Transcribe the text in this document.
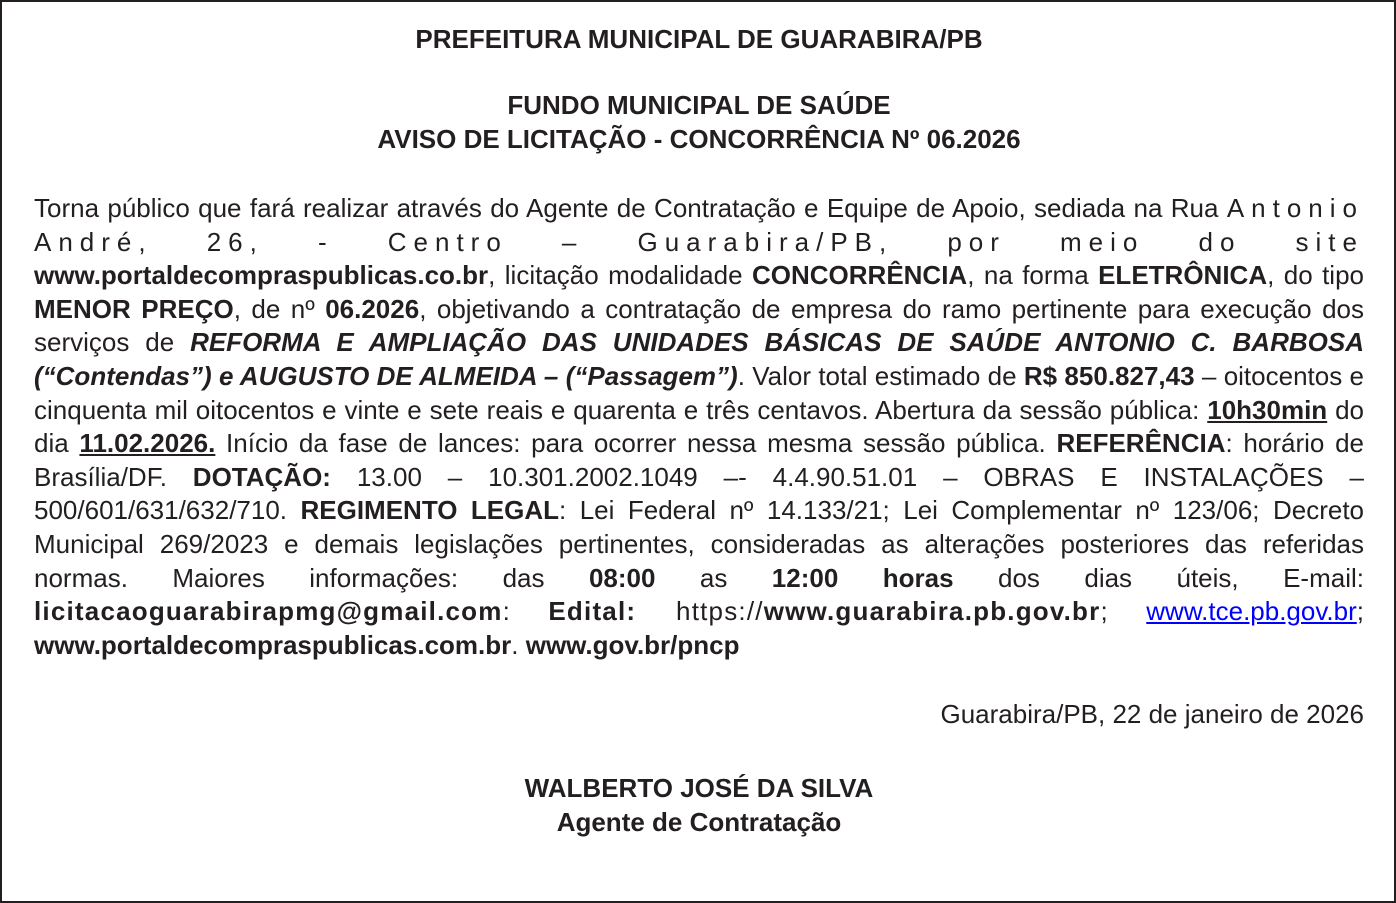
PREFEITURA MUNICIPAL DE GUARABIRA/PB

FUNDO MUNICIPAL DE SAÚDE

AVISO DE LICITAÇÃO - CONCORRÊNCIA Nº 06.2026

Torna público que fará realizar através do Agente de Contratação e Equipe de Apoio, sediada na Rua Antonio André, 26, - Centro – Guarabira/PB, por meio do site www.portaldecompraspublicas.co.br, licitação modalidade CONCORRÊNCIA, na forma ELETRÔNICA, do tipo MENOR PREÇO, de nº 06.2026, objetivando a contratação de empresa do ramo pertinente para execução dos serviços de REFORMA E AMPLIAÇÃO DAS UNIDADES BÁSICAS DE SAÚDE ANTONIO C. BARBOSA (“Contendas”) e AUGUSTO DE ALMEIDA – (“Passagem”). Valor total estimado de R$ 850.827,43 – oitocentos e cinquenta mil oitocentos e vinte e sete reais e quarenta e três centavos. Abertura da sessão pública: 10h30min do dia 11.02.2026. Início da fase de lances: para ocorrer nessa mesma sessão pública. REFERÊNCIA: horário de Brasília/DF. DOTAÇÃO: 13.00 – 10.301.2002.1049 –- 4.4.90.51.01 – OBRAS E INSTALAÇÕES – 500/601/631/632/710. REGIMENTO LEGAL: Lei Federal nº 14.133/21; Lei Complementar nº 123/06; Decreto Municipal 269/2023 e demais legislações pertinentes, consideradas as alterações posteriores das referidas normas. Maiores informações: das 08:00 as 12:00 horas dos dias úteis, E-mail: licitacaoguarabirapmg@gmail.com: Edital: https://www.guarabira.pb.gov.br; www.tce.pb.gov.br; www.portaldecompraspublicas.com.br. www.gov.br/pncp

Guarabira/PB, 22 de janeiro de 2026

WALBERTO JOSÉ DA SILVA

Agente de Contratação
